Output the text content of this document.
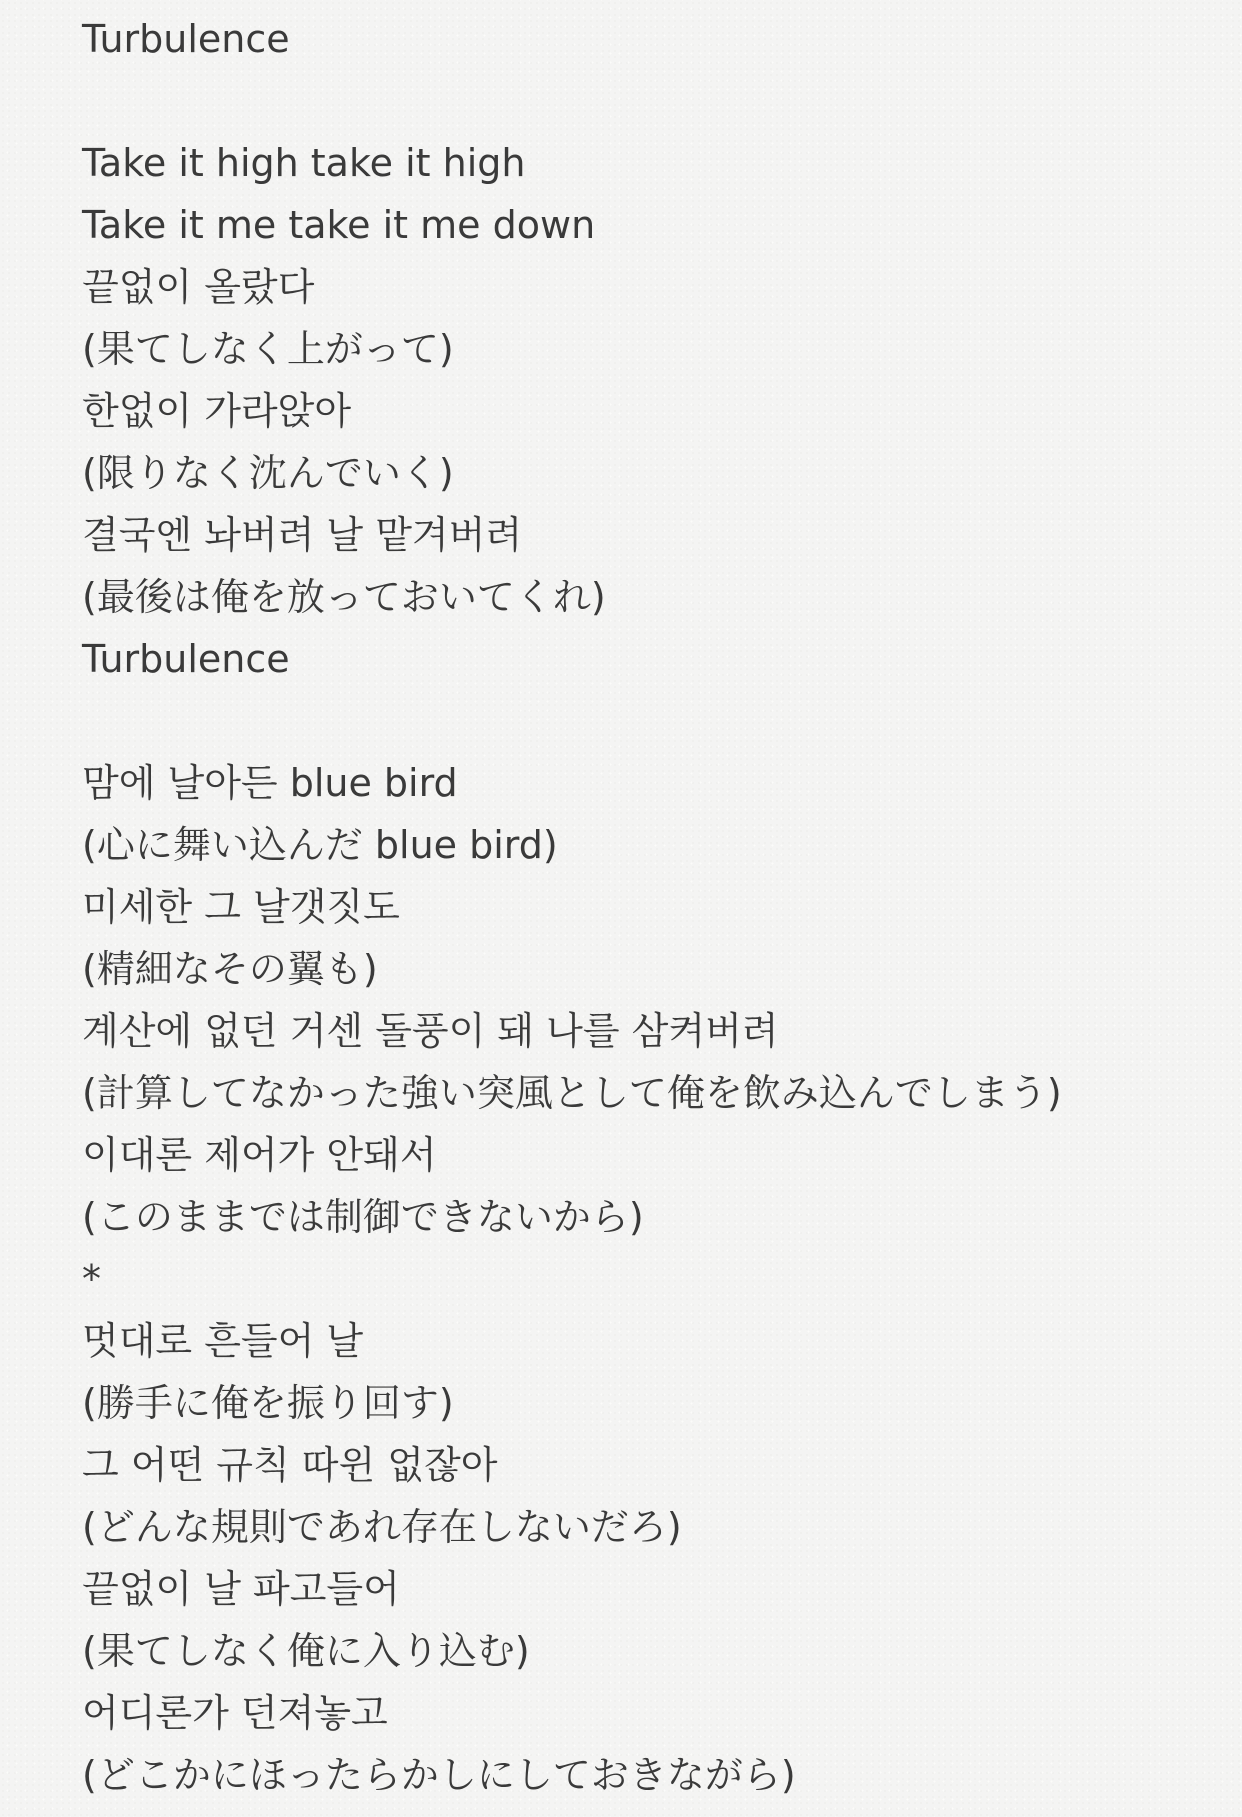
Turbulence
Take it high take it high
Take it me take it me down
끝없이 올랐다
(果てしなく上がって)
한없이 가라앉아
(限りなく沈んでいく)
결국엔 놔버려 날 맡겨버려
(最後は俺を放っておいてくれ)
Turbulence
맘에 날아든 blue bird
(心に舞い込んだ blue bird)
미세한 그 날갯짓도
(精細なその翼も)
계산에 없던 거센 돌풍이 돼 나를 삼켜버려
(計算してなかった強い突風として俺を飲み込んでしまう)
이대론 제어가 안돼서
(このままでは制御できないから)
*
멋대로 흔들어 날
(勝手に俺を振り回す)
그 어떤 규칙 따윈 없잖아
(どんな規則であれ存在しないだろ)
끝없이 날 파고들어
(果てしなく俺に入り込む)
어디론가 던져놓고
(どこかにほったらかしにしておきながら)
